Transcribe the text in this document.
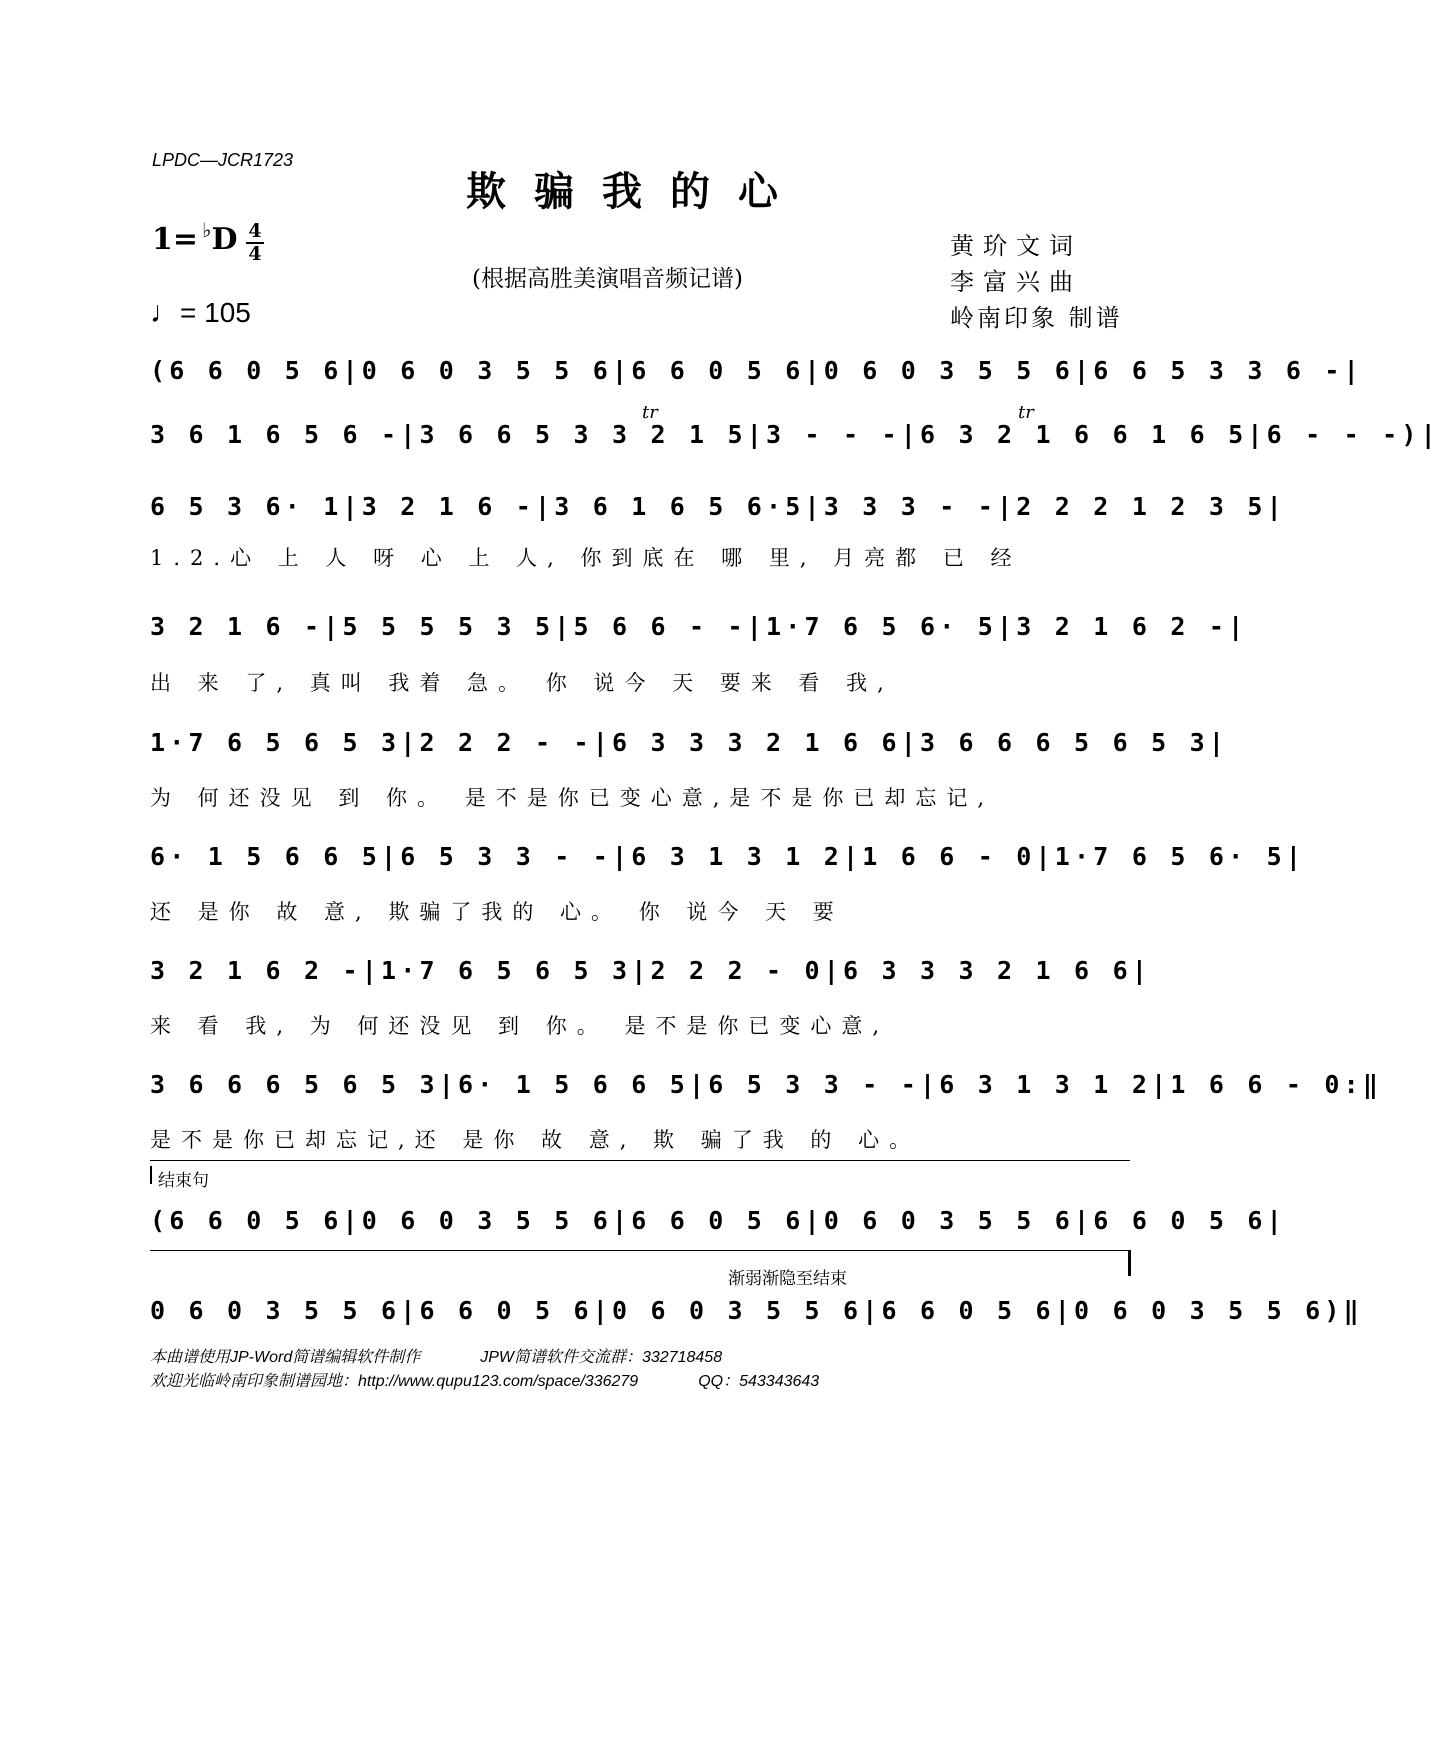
LPDC—JCR1723
欺骗我的心
1= ♭D 4
4
(根据高胜美演唱音频记谱)
黄玠文词
李富兴曲
岭南印象 制谱
♩= 105
(6 6 0 5 6|0 6 0 3 5 5 6|6 6 0 5 6|0 6 0 3 5 5 6|6 6 5 3 3 6 -|
tr	tr
3 6 1 6 5 6 -|3 6 6 5 3 3 2 1 5|3 - - -|6 3 2 1 6 6 1 6 5|6 - - -)|
6 5 3 6· 1|3 2 1 6 -|3 6 1 6 5 6·5|3 3 3 - -|2 2 2 1 2 3 5|
1.2.心 上 人 呀 心 上 人, 你到底在 哪 里, 月亮都 已 经
3 2 1 6 -|5 5 5 5 3 5|5 6 6 - -|1·7 6 5 6· 5|3 2 1 6 2 -|
出 来 了, 真叫 我着 急。 你 说今 天 要来 看 我,
1·7 6 5 6 5 3|2 2 2 - -|6 3 3 3 2 1 6 6|3 6 6 6 5 6 5 3|
为 何还没见 到 你。 是不是你已变心意,是不是你已却忘记,
6· 1 5 6 6 5|6 5 3 3 - -|6 3 1 3 1 2|1 6 6 - 0|1·7 6 5 6· 5|
还 是你 故 意, 欺骗了我的 心。 你 说今 天 要
3 2 1 6 2 -|1·7 6 5 6 5 3|2 2 2 - 0|6 3 3 3 2 1 6 6|
来 看 我, 为 何还没见 到 你。 是不是你已变心意,
3 6 6 6 5 6 5 3|6· 1 5 6 6 5|6 5 3 3 - -|6 3 1 3 1 2|1 6 6 - 0:‖
是不是你已却忘记,还 是你 故 意, 欺 骗了我 的 心。
结束句
(6 6 0 5 6|0 6 0 3 5 5 6|6 6 0 5 6|0 6 0 3 5 5 6|6 6 0 5 6|
渐弱渐隐至结束
0 6 0 3 5 5 6|6 6 0 5 6|0 6 0 3 5 5 6|6 6 0 5 6|0 6 0 3 5 5 6)‖
本曲谱使用JP-Word简谱编辑软件制作	JPW简谱软件交流群：332718458
欢迎光临岭南印象制谱园地：http://www.qupu123.com/space/336279	QQ：543343643
